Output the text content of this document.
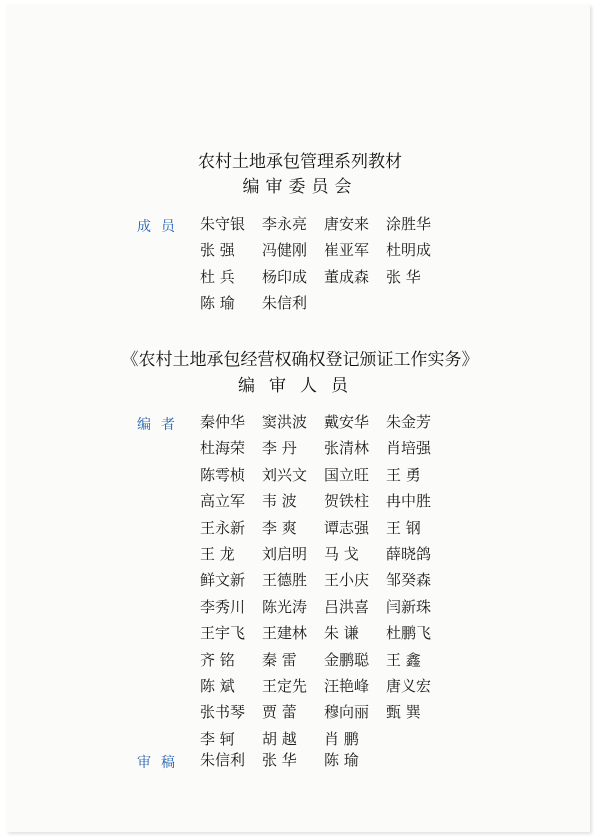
农村土地承包管理系列教材
编审委员会
成员 朱守银	李永亮	唐安来	涂胜华
张 强	冯健刚	崔亚军	杜明成
杜 兵	杨印成	董成森	张 华
陈 瑜	朱信利
《农村土地承包经营权确权登记颁证工作实务》
编审人员
编者 秦仲华	窦洪波	戴安华	朱金芳
杜海荣	李 丹	张清林	肖培强
陈雩桢	刘兴文	国立旺	王 勇
高立军	韦 波	贺铁柱	冉中胜
王永新	李 爽	谭志强	王 钢
王 龙	刘启明	马 戈	薛晓鸽
鲜文新	王德胜	王小庆	邹癸森
李秀川	陈光涛	吕洪喜	闫新珠
王宇飞	王建林	朱 谦	杜鹏飞
齐 铭	秦 雷	金鹏聪	王 鑫
陈 斌	王定先	汪艳峰	唐义宏
张书琴	贾 蕾	穆向丽	甄 巽
李 轲	胡 越	肖 鹏
审稿 朱信利	张 华	陈 瑜
